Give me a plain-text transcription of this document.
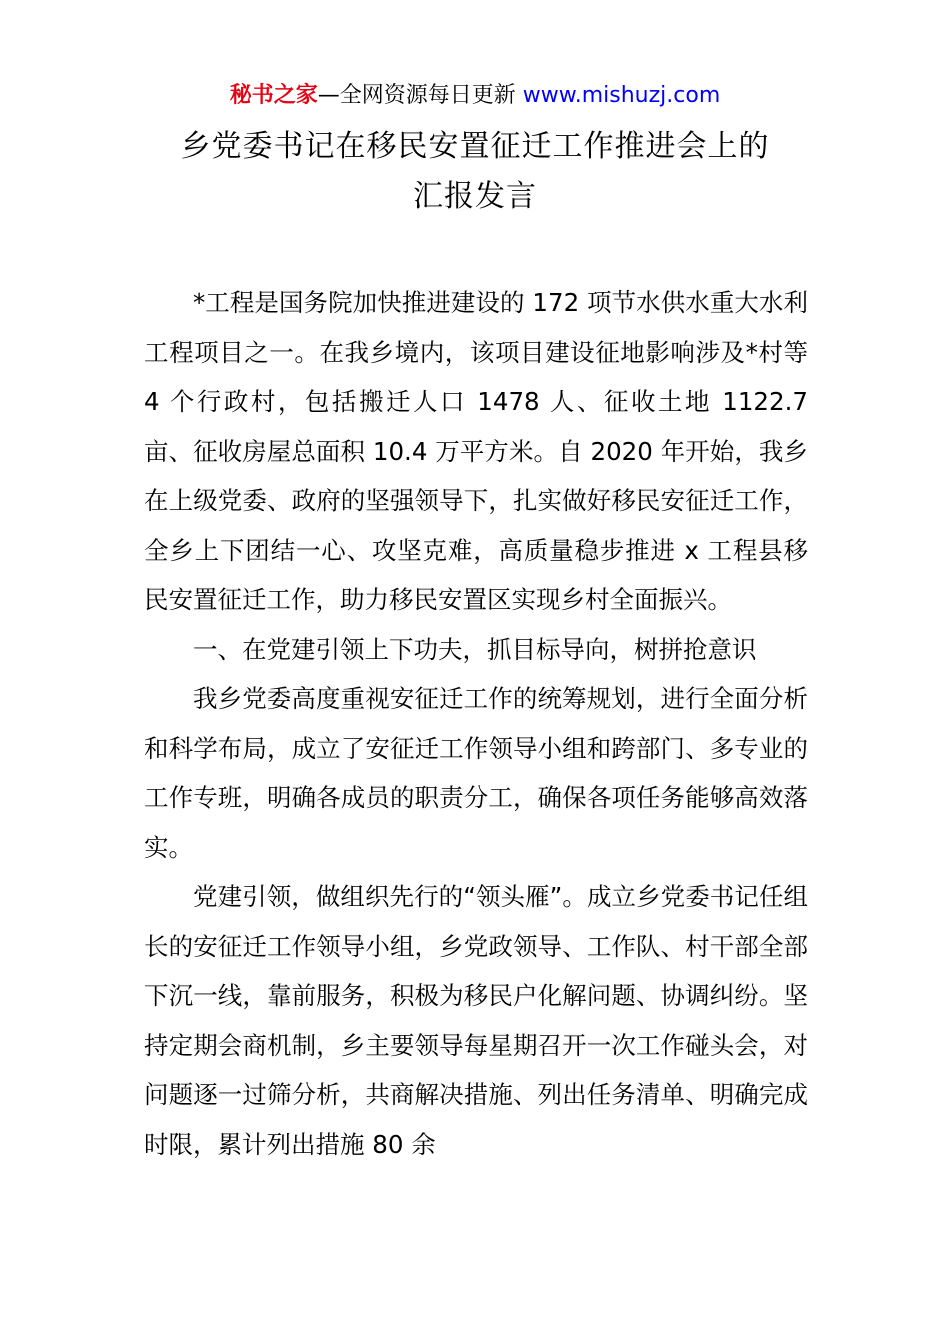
秘书之家—全网资源每日更新 www.mishuzj.com
乡党委书记在移民安置征迁工作推进会上的
汇报发言

*工程是国务院加快推进建设的 172 项节水供水重大水利工程项目之一。在我乡境内，该项目建设征地影响涉及*村等 4 个行政村，包括搬迁人口 1478 人、征收土地 1122.7 亩、征收房屋总面积 10.4 万平方米。自 2020 年开始，我乡在上级党委、政府的坚强领导下，扎实做好移民安征迁工作，全乡上下团结一心、攻坚克难，高质量稳步推进 x 工程县移民安置征迁工作，助力移民安置区实现乡村全面振兴。

一、在党建引领上下功夫，抓目标导向，树拼抢意识

我乡党委高度重视安征迁工作的统筹规划，进行全面分析和科学布局，成立了安征迁工作领导小组和跨部门、多专业的工作专班，明确各成员的职责分工，确保各项任务能够高效落实。

党建引领，做组织先行的“领头雁”。成立乡党委书记任组长的安征迁工作领导小组，乡党政领导、工作队、村干部全部下沉一线，靠前服务，积极为移民户化解问题、协调纠纷。坚持定期会商机制，乡主要领导每星期召开一次工作碰头会，对问题逐一过筛分析，共商解决措施、列出任务清单、明确完成时限，累计列出措施 80 余
